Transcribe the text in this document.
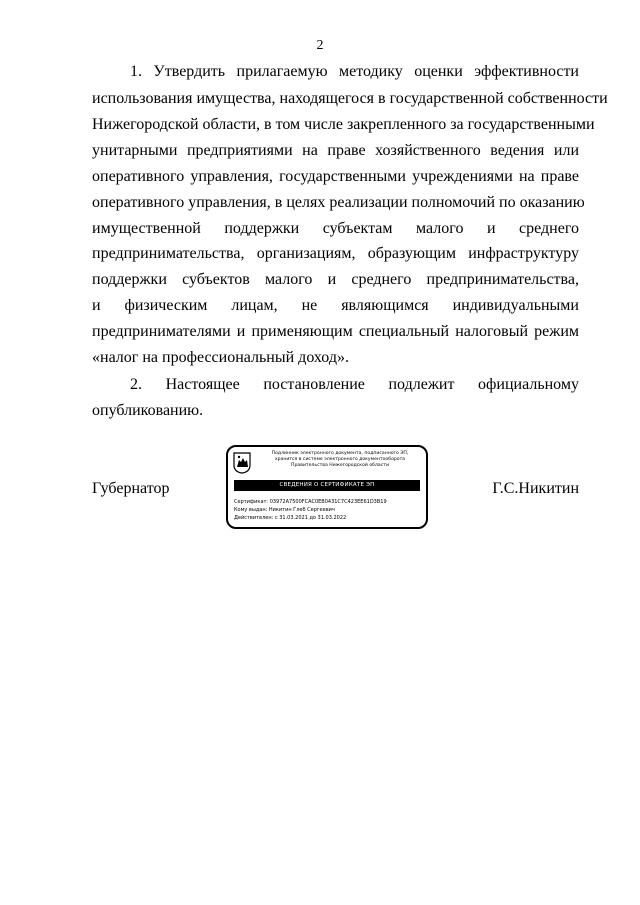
2
1. Утвердить прилагаемую методику оценки эффективности
использования имущества, находящегося в государственной собственности
Нижегородской области, в том числе закрепленного за государственными
унитарными предприятиями на праве хозяйственного ведения или
оперативного управления, государственными учреждениями на праве
оперативного управления, в целях реализации полномочий по оказанию
имущественной поддержки субъектам малого и среднего
предпринимательства, организациям, образующим инфраструктуру
поддержки субъектов малого и среднего предпринимательства,
и физическим лицам, не являющимся индивидуальными
предпринимателями и применяющим специальный налоговый режим
«налог на профессиональный доход».
2. Настоящее постановление подлежит официальному
опубликованию.
Губернатор
Подлинник электронного документа, подписанного ЭП,
хранится в системе электронного документооборота
Правительства Нижегородской области
СВЕДЕНИЯ О СЕРТИФИКАТЕ ЭП
Сертификат: 03972A7500FCAC0EB0431C7C423EE61D3B19
Кому выдан: Никитин Глеб Сергеевич
Действителен: с 31.03.2021 до 31.03.2022
Г.С.Никитин
